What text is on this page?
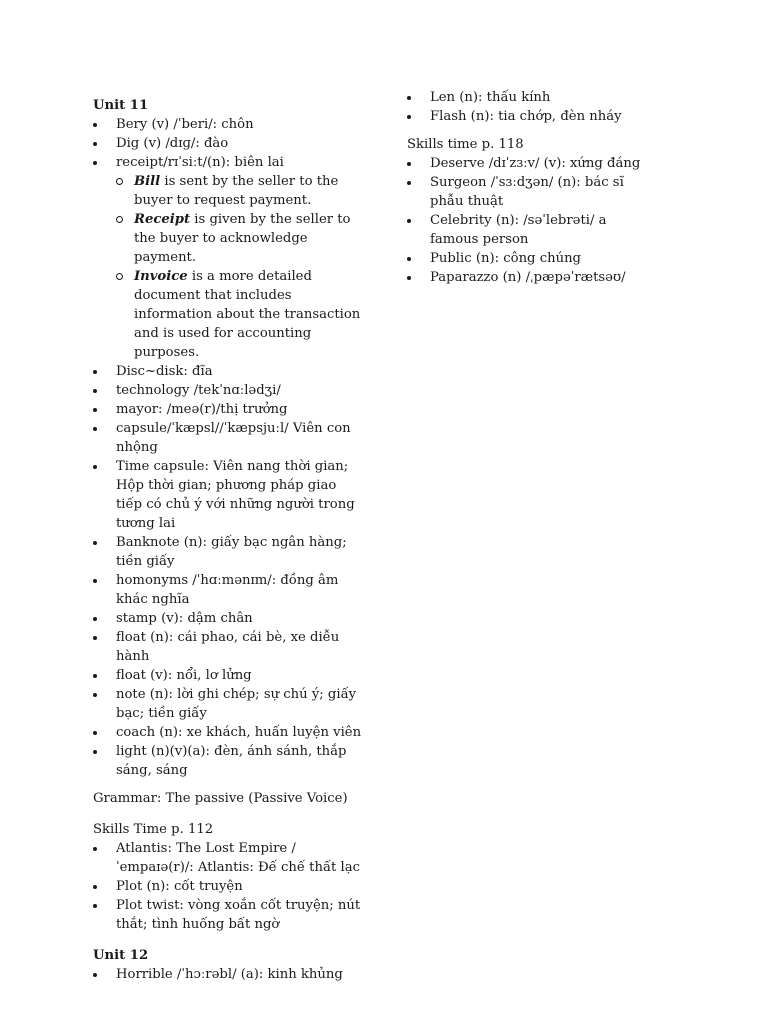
Unit 11

Bery (v) /ˈberi/: chôn
Dig (v) /dɪɡ/: đào
receipt/rɪˈsiːt/(n): biên lai
Bill is sent by the seller to the buyer to request payment.
Receipt is given by the seller to the buyer to acknowledge payment.
Invoice is a more detailed document that includes information about the transaction and is used for accounting purposes.
Disc~disk: đĩa
technology /tekˈnɑːlədʒi/
mayor: /meə(r)/thị trưởng
capsule/ˈkæpsl//ˈkæpsjuːl/ Viên con nhộng
Time capsule: Viên nang thời gian; Hộp thời gian; phương pháp giao tiếp có chủ ý với những người trong tương lai
Banknote (n): giấy bạc ngân hàng; tiền giấy
homonyms /ˈhɑːmənɪm/: đồng âm khác nghĩa
stamp (v): dậm chân
float (n): cái phao, cái bè, xe diễu hành
float (v): nổi, lơ lửng
note (n): lời ghi chép; sự chú ý; giấy bạc; tiền giấy
coach (n): xe khách, huấn luyện viên
light (n)(v)(a): đèn, ánh sánh, thắp sáng, sáng

Grammar: The passive (Passive Voice)

Skills Time p. 112

Atlantis: The Lost Empire /ˈempaɪə(r)/: Atlantis: Đế chế thất lạc
Plot (n): cốt truyện
Plot twist: vòng xoắn cốt truyện; nút thắt; tình huống bất ngờ

Unit 12

Horrible /ˈhɔːrəbl/ (a): kinh khủng
Len (n): thấu kính
Flash (n): tia chớp, đèn nháy

Skills time p. 118

Deserve /dɪˈzɜːv/ (v): xứng đáng
Surgeon /ˈsɜːdʒən/ (n): bác sĩ phẫu thuật
Celebrity (n): /səˈlebrəti/ a famous person
Public (n): công chúng
Paparazzo (n) /ˌpæpəˈrætsəʊ/
